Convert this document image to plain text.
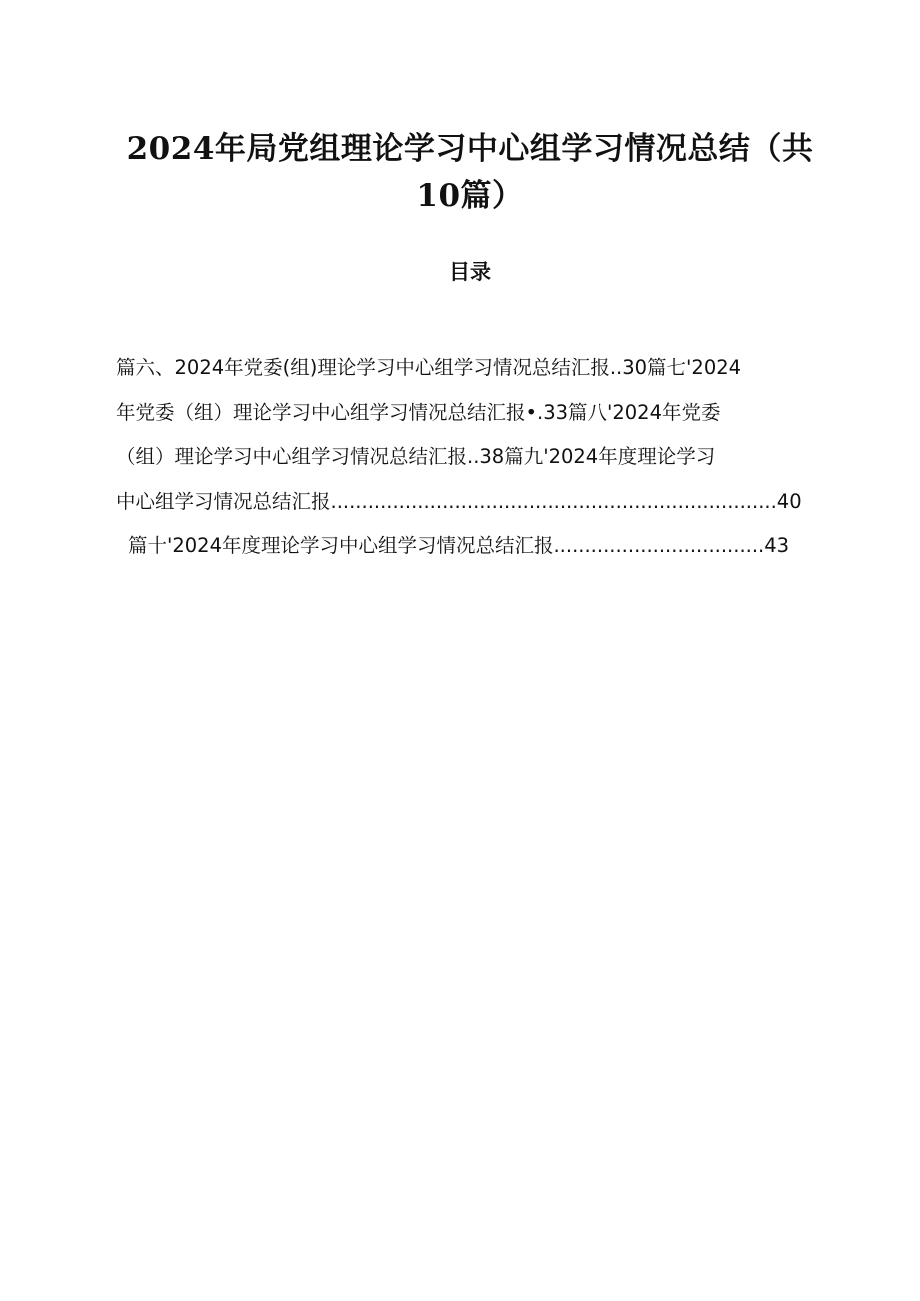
2024年局党组理论学习中心组学习情况总结（共
10篇）
目录
篇六、2024年党委(组)理论学习中心组学习情况总结汇报..30篇七'2024
年党委（组）理论学习中心组学习情况总结汇报•.33篇八'2024年党委
（组）理论学习中心组学习情况总结汇报..38篇九'2024年度理论学习
中心组学习情况总结汇报........................................................................40
篇十'2024年度理论学习中心组学习情况总结汇报..................................43
